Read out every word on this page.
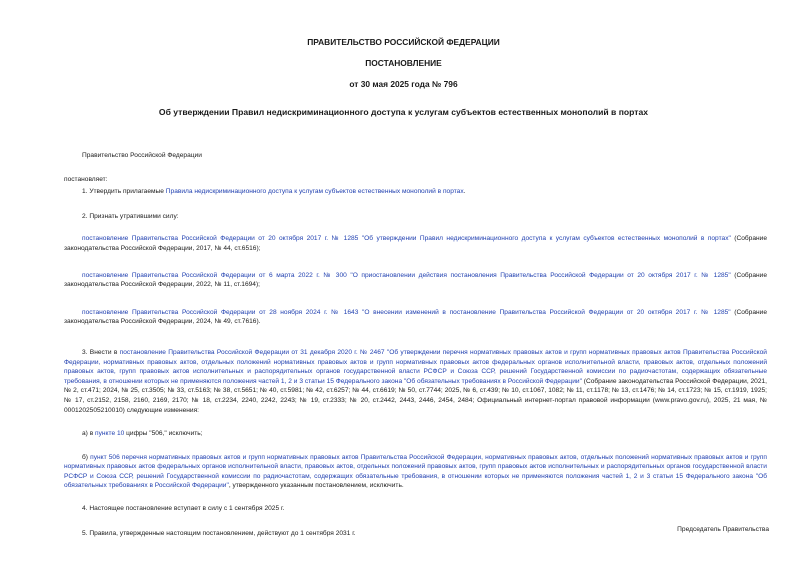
ПРАВИТЕЛЬСТВО РОССИЙСКОЙ ФЕДЕРАЦИИ
ПОСТАНОВЛЕНИЕ
от 30 мая 2025 года № 796
Об утверждении Правил недискриминационного доступа к услугам субъектов естественных монополий в портах

Правительство Российской Федерации

постановляет:

1. Утвердить прилагаемые Правила недискриминационного доступа к услугам субъектов естественных монополий в портах.

2. Признать утратившими силу:

постановление Правительства Российской Федерации от 20 октября 2017 г. № 1285 "Об утверждении Правил недискриминационного доступа к услугам субъектов естественных монополий в портах" (Собрание законодательства Российской Федерации, 2017, № 44, ст.6516);

постановление Правительства Российской Федерации от 6 марта 2022 г. № 300 "О приостановлении действия постановления Правительства Российской Федерации от 20 октября 2017 г. № 1285" (Собрание законодательства Российской Федерации, 2022, № 11, ст.1694);

постановление Правительства Российской Федерации от 28 ноября 2024 г. № 1643 "О внесении изменений в постановление Правительства Российской Федерации от 20 октября 2017 г. № 1285" (Собрание законодательства Российской Федерации, 2024, № 49, ст.7616).

3. Внести в постановление Правительства Российской Федерации от 31 декабря 2020 г. № 2467 "Об утверждении перечня нормативных правовых актов и групп нормативных правовых актов Правительства Российской Федерации, нормативных правовых актов, отдельных положений нормативных правовых актов и групп нормативных правовых актов федеральных органов исполнительной власти, правовых актов, отдельных положений правовых актов, групп правовых актов исполнительных и распорядительных органов государственной власти РСФСР и Союза ССР, решений Государственной комиссии по радиочастотам, содержащих обязательные требования, в отношении которых не применяются положения частей 1, 2 и 3 статьи 15 Федерального закона "Об обязательных требованиях в Российской Федерации" (Собрание законодательства Российской Федерации, 2021, № 2, ст.471; 2024, № 25, ст.3505; № 33, ст.5163; № 38, ст.5651; № 40, ст.5981; № 42, ст.6257; № 44, ст.6619; № 50, ст.7744; 2025, № 6, ст.439; № 10, ст.1067, 1082; № 11, ст.1178; № 13, ст.1476; № 14, ст.1723; № 15, ст.1919, 1925; № 17, ст.2152, 2158, 2160, 2169, 2170; № 18, ст.2234, 2240, 2242, 2243; № 19, ст.2333; № 20, ст.2442, 2443, 2446, 2454, 2484; Официальный интернет-портал правовой информации (www.pravo.gov.ru), 2025, 21 мая, № 0001202505210010) следующие изменения:

а) в пункте 10 цифры "506," исключить;

б) пункт 506 перечня нормативных правовых актов и групп нормативных правовых актов Правительства Российской Федерации, нормативных правовых актов, отдельных положений нормативных правовых актов и групп нормативных правовых актов федеральных органов исполнительной власти, правовых актов, отдельных положений правовых актов, групп правовых актов исполнительных и распорядительных органов государственной власти РСФСР и Союза ССР, решений Государственной комиссии по радиочастотам, содержащих обязательные требования, в отношении которых не применяются положения частей 1, 2 и 3 статьи 15 Федерального закона "Об обязательных требованиях в Российской Федерации", утвержденного указанным постановлением, исключить.

4. Настоящее постановление вступает в силу с 1 сентября 2025 г.

5. Правила, утвержденные настоящим постановлением, действуют до 1 сентября 2031 г.

Председатель Правительства
